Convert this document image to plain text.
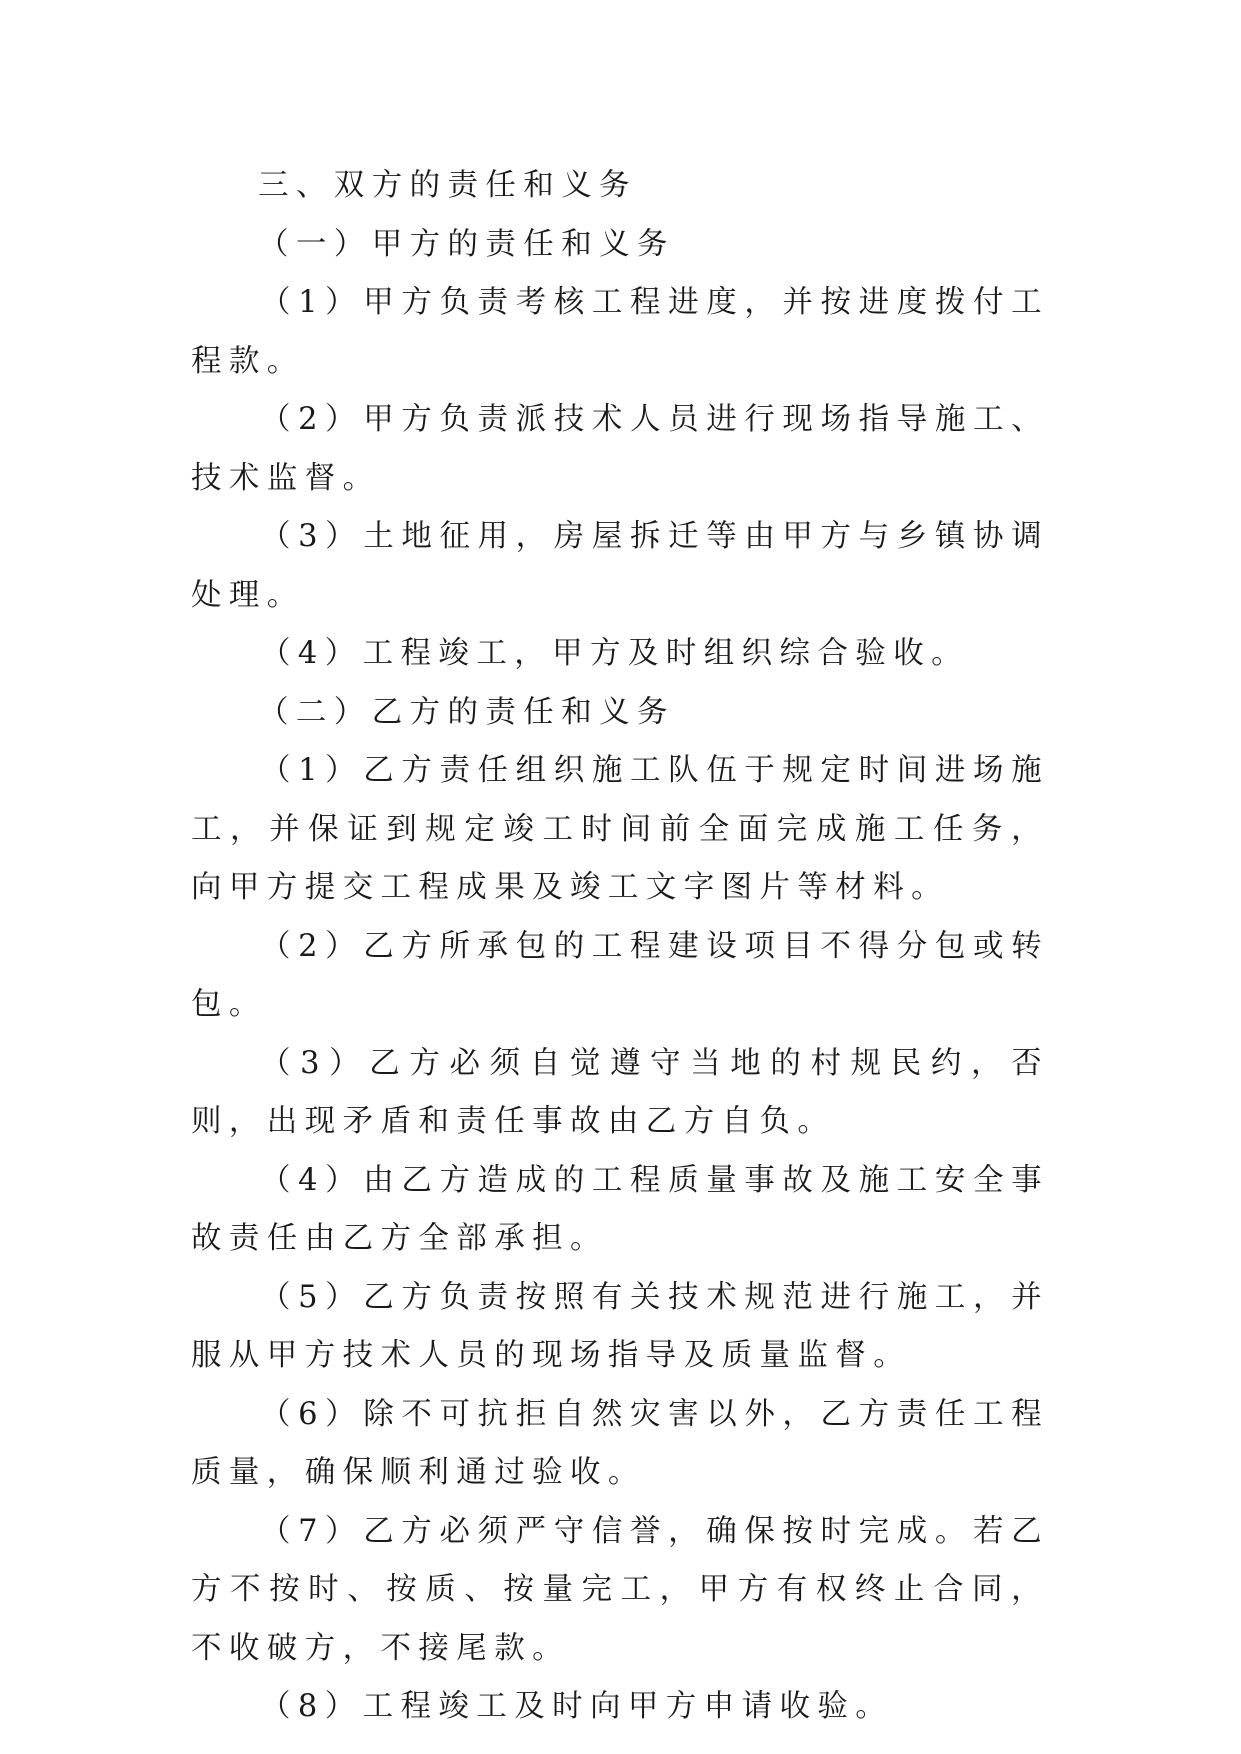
三、双方的责任和义务

（一）甲方的责任和义务

（1）甲方负责考核工程进度，并按进度拨付工程款。

（2）甲方负责派技术人员进行现场指导施工、技术监督。

（3）土地征用，房屋拆迁等由甲方与乡镇协调处理。

（4）工程竣工，甲方及时组织综合验收。

（二）乙方的责任和义务

（1）乙方责任组织施工队伍于规定时间进场施工，并保证到规定竣工时间前全面完成施工任务，向甲方提交工程成果及竣工文字图片等材料。

（2）乙方所承包的工程建设项目不得分包或转包。

（3）乙方必须自觉遵守当地的村规民约，否则，出现矛盾和责任事故由乙方自负。

（4）由乙方造成的工程质量事故及施工安全事故责任由乙方全部承担。

（5）乙方负责按照有关技术规范进行施工，并服从甲方技术人员的现场指导及质量监督。

（6）除不可抗拒自然灾害以外，乙方责任工程质量，确保顺利通过验收。

（7）乙方必须严守信誉，确保按时完成。若乙方不按时、按质、按量完工，甲方有权终止合同，不收破方，不接尾款。

（8）工程竣工及时向甲方申请收验。
